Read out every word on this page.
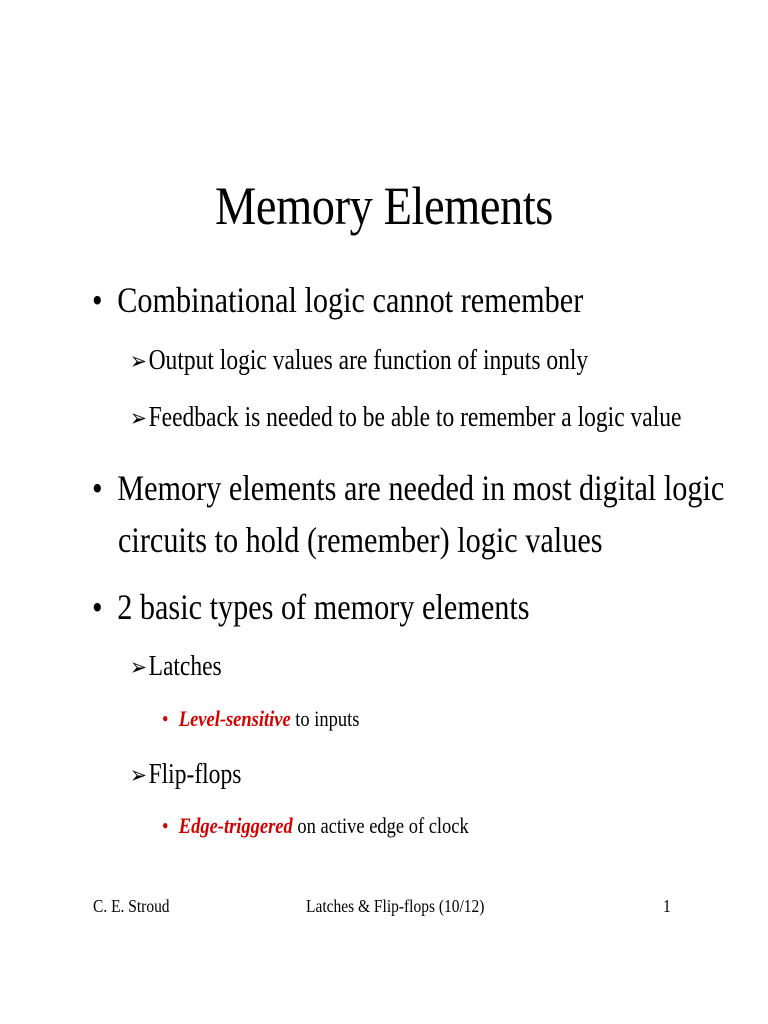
Memory Elements
• Combinational logic cannot remember
➢Output logic values are function of inputs only
➢Feedback is needed to be able to remember a logic value
• Memory elements are needed in most digital logic
circuits to hold (remember) logic values
• 2 basic types of memory elements
➢Latches
• Level-sensitive to inputs
➢Flip-flops
• Edge-triggered on active edge of clock
C. E. Stroud	Latches & Flip-flops (10/12)	1
